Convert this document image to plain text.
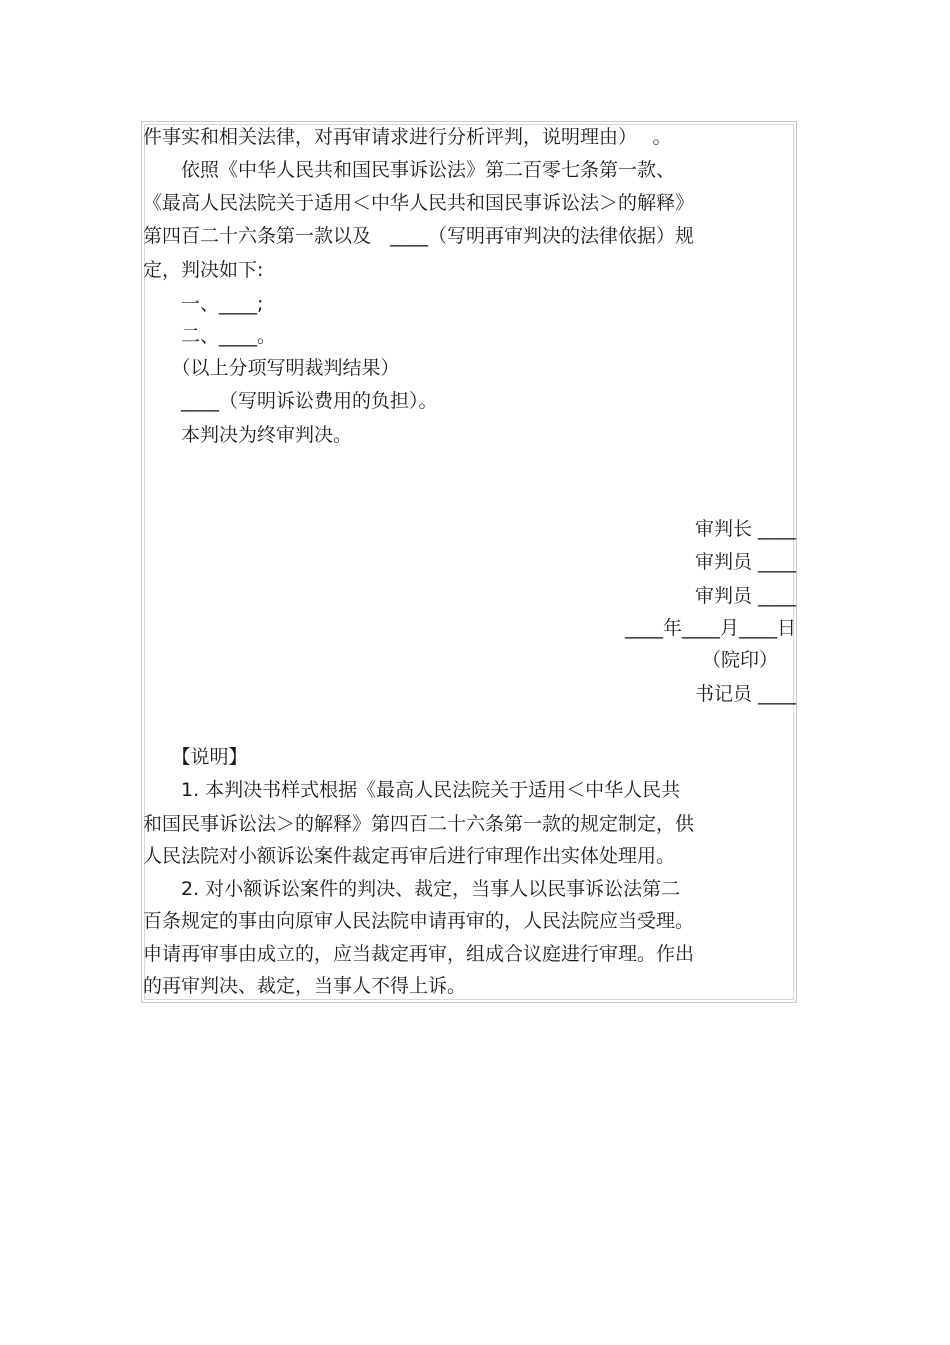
件事实和相关法律，对再审请求进行分析评判，说明理由）　 。
　　依照《中华人民共和国民事诉讼法》第二百零七条第一款、
《最高人民法院关于适用＜中华人民共和国民事诉讼法＞的解释》
第四百二十六条第一款以及　____（写明再审判决的法律依据）规
定，判决如下:
　　一、____;
　　二、____。
　　（以上分项写明裁判结果）
　　____（写明诉讼费用的负担）。
　　本判决为终审判决。
审判长 ____
审判员 ____
审判员 ____
____年____月____日
（院印）
书记员 ____
　　【说明】
　　1. 本判决书样式根据《最高人民法院关于适用＜中华人民共
和国民事诉讼法＞的解释》第四百二十六条第一款的规定制定，供
人民法院对小额诉讼案件裁定再审后进行审理作出实体处理用。
　　2. 对小额诉讼案件的判决、裁定，当事人以民事诉讼法第二
百条规定的事由向原审人民法院申请再审的，人民法院应当受理。
申请再审事由成立的，应当裁定再审，组成合议庭进行审理。作出
的再审判决、裁定，当事人不得上诉。
